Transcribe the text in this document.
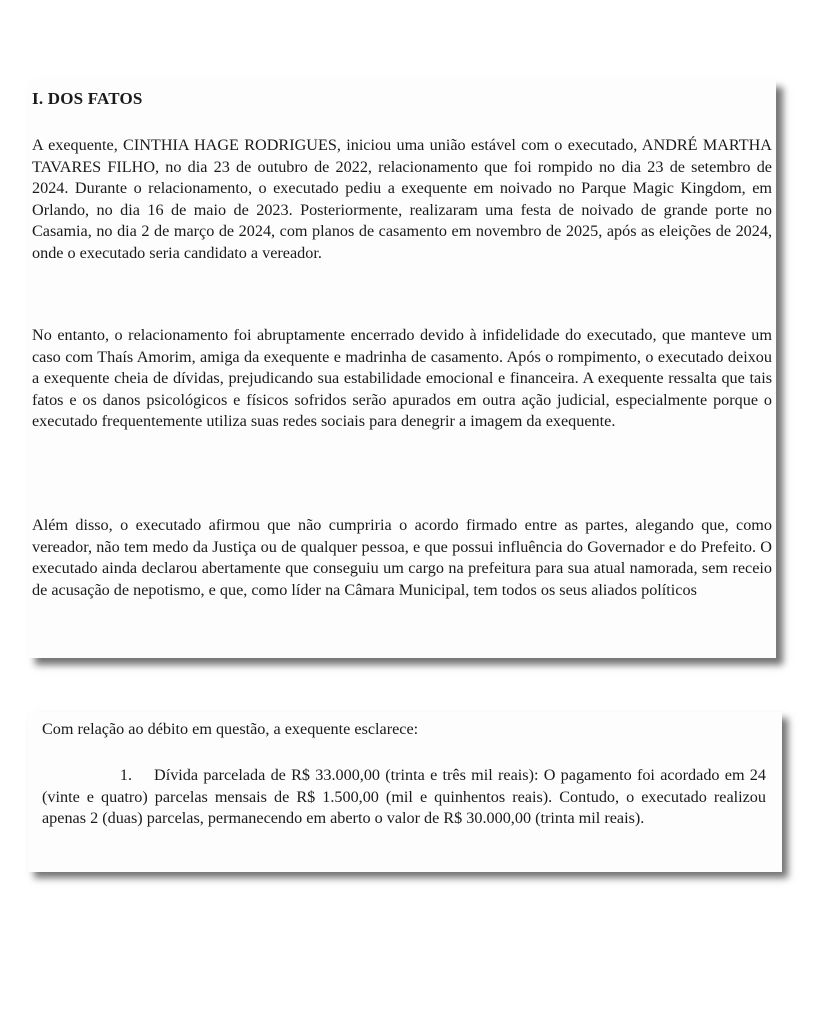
I. DOS FATOS

A exequente, CINTHIA HAGE RODRIGUES, iniciou uma união estável com o executado, ANDRÉ MARTHA TAVARES FILHO, no dia 23 de outubro de 2022, relacionamento que foi rompido no dia 23 de setembro de 2024. Durante o relacionamento, o executado pediu a exequente em noivado no Parque Magic Kingdom, em Orlando, no dia 16 de maio de 2023. Posteriormente, realizaram uma festa de noivado de grande porte no Casamia, no dia 2 de março de 2024, com planos de casamento em novembro de 2025, após as eleições de 2024, onde o executado seria candidato a vereador.

No entanto, o relacionamento foi abruptamente encerrado devido à infidelidade do executado, que manteve um caso com Thaís Amorim, amiga da exequente e madrinha de casamento. Após o rompimento, o executado deixou a exequente cheia de dívidas, prejudicando sua estabilidade emocional e financeira. A exequente ressalta que tais fatos e os danos psicológicos e físicos sofridos serão apurados em outra ação judicial, especialmente porque o executado frequentemente utiliza suas redes sociais para denegrir a imagem da exequente.

Além disso, o executado afirmou que não cumpriria o acordo firmado entre as partes, alegando que, como vereador, não tem medo da Justiça ou de qualquer pessoa, e que possui influência do Governador e do Prefeito. O executado ainda declarou abertamente que conseguiu um cargo na prefeitura para sua atual namorada, sem receio de acusação de nepotismo, e que, como líder na Câmara Municipal, tem todos os seus aliados políticos

Com relação ao débito em questão, a exequente esclarece:

1. Dívida parcelada de R$ 33.000,00 (trinta e três mil reais): O pagamento foi acordado em 24 (vinte e quatro) parcelas mensais de R$ 1.500,00 (mil e quinhentos reais). Contudo, o executado realizou apenas 2 (duas) parcelas, permanecendo em aberto o valor de R$ 30.000,00 (trinta mil reais).
